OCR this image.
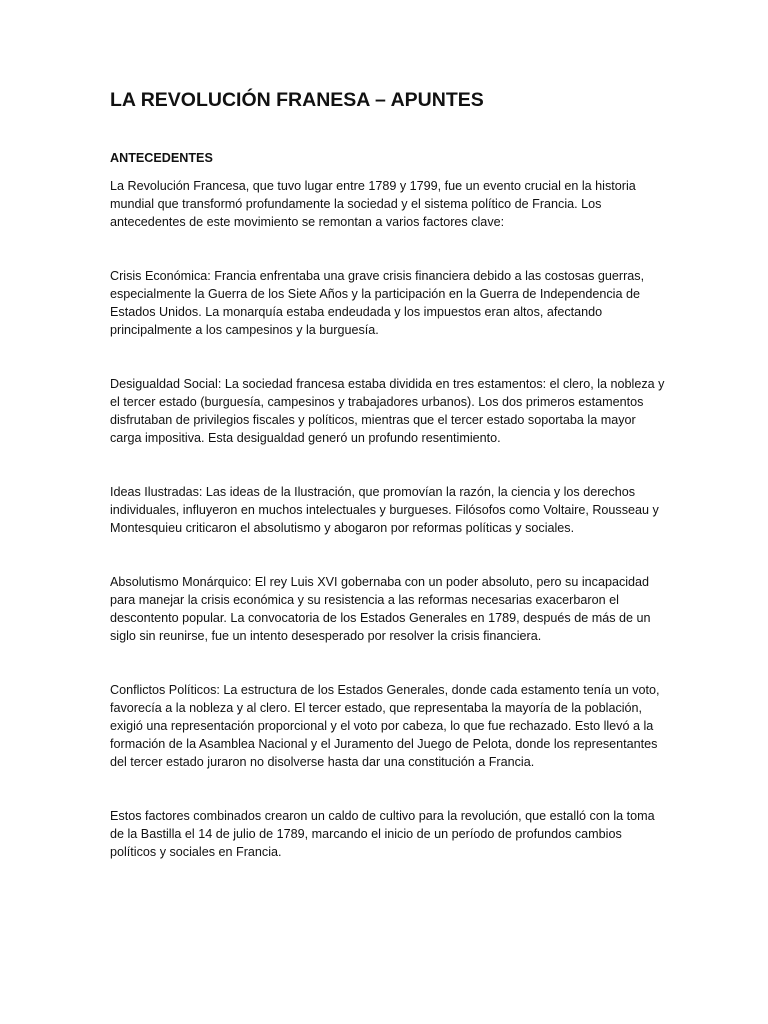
LA REVOLUCIÓN FRANESA – APUNTES
ANTECEDENTES

La Revolución Francesa, que tuvo lugar entre 1789 y 1799, fue un evento crucial en la historia mundial que transformó profundamente la sociedad y el sistema político de Francia. Los antecedentes de este movimiento se remontan a varios factores clave:

Crisis Económica: Francia enfrentaba una grave crisis financiera debido a las costosas guerras, especialmente la Guerra de los Siete Años y la participación en la Guerra de Independencia de Estados Unidos. La monarquía estaba endeudada y los impuestos eran altos, afectando principalmente a los campesinos y la burguesía.

Desigualdad Social: La sociedad francesa estaba dividida en tres estamentos: el clero, la nobleza y el tercer estado (burguesía, campesinos y trabajadores urbanos). Los dos primeros estamentos disfrutaban de privilegios fiscales y políticos, mientras que el tercer estado soportaba la mayor carga impositiva. Esta desigualdad generó un profundo resentimiento.

Ideas Ilustradas: Las ideas de la Ilustración, que promovían la razón, la ciencia y los derechos individuales, influyeron en muchos intelectuales y burgueses. Filósofos como Voltaire, Rousseau y Montesquieu criticaron el absolutismo y abogaron por reformas políticas y sociales.

Absolutismo Monárquico: El rey Luis XVI gobernaba con un poder absoluto, pero su incapacidad para manejar la crisis económica y su resistencia a las reformas necesarias exacerbaron el descontento popular. La convocatoria de los Estados Generales en 1789, después de más de un siglo sin reunirse, fue un intento desesperado por resolver la crisis financiera.

Conflictos Políticos: La estructura de los Estados Generales, donde cada estamento tenía un voto, favorecía a la nobleza y al clero. El tercer estado, que representaba la mayoría de la población, exigió una representación proporcional y el voto por cabeza, lo que fue rechazado. Esto llevó a la formación de la Asamblea Nacional y el Juramento del Juego de Pelota, donde los representantes del tercer estado juraron no disolverse hasta dar una constitución a Francia.

Estos factores combinados crearon un caldo de cultivo para la revolución, que estalló con la toma de la Bastilla el 14 de julio de 1789, marcando el inicio de un período de profundos cambios políticos y sociales en Francia.
